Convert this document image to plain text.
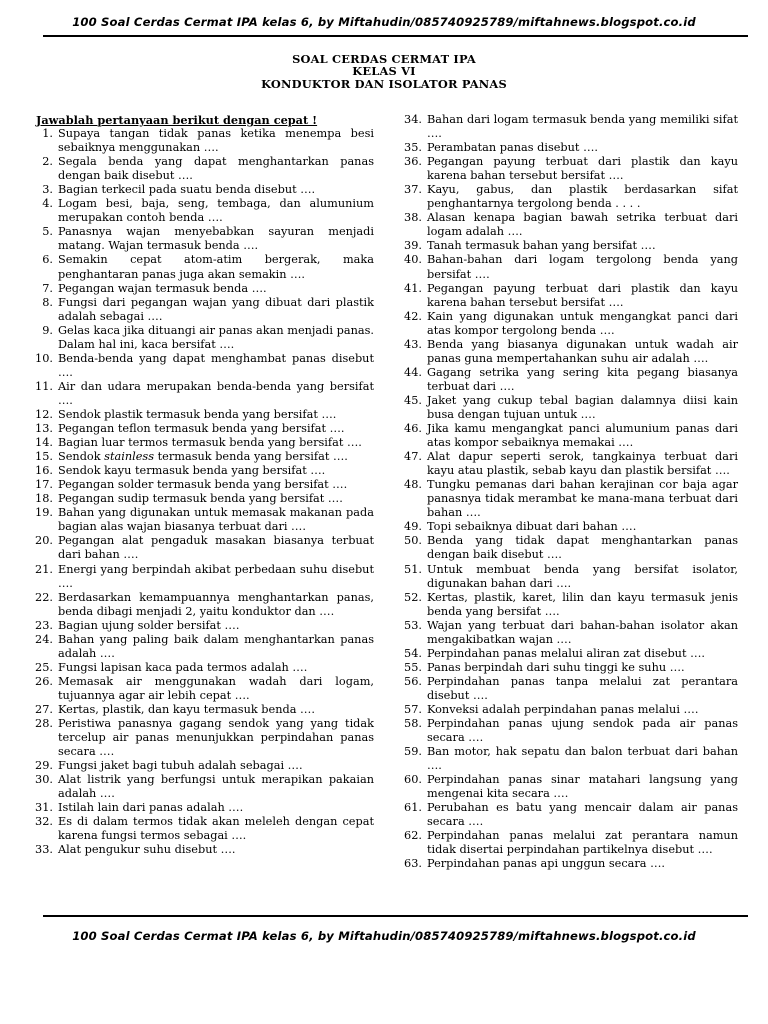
100 Soal Cerdas Cermat IPA kelas 6, by Miftahudin/085740925789/miftahnews.blogspot.co.id
SOAL CERDAS CERMAT IPA
KELAS VI
KONDUKTOR DAN ISOLATOR PANAS
Jawablah pertanyaan berikut dengan cepat !
1. Supaya tangan tidak panas ketika menempa besi sebaiknya menggunakan ….
2. Segala benda yang dapat menghantarkan panas dengan baik disebut ….
3. Bagian terkecil pada suatu benda disebut ….
4. Logam besi, baja, seng, tembaga, dan alumunium merupakan contoh benda ….
5. Panasnya wajan menyebabkan sayuran menjadi matang. Wajan termasuk benda ….
6. Semakin cepat atom-atim bergerak, maka penghantaran panas juga akan semakin ….
7. Pegangan wajan termasuk benda ….
8. Fungsi dari pegangan wajan yang dibuat dari plastik adalah sebagai ….
9. Gelas kaca jika dituangi air panas akan menjadi panas. Dalam hal ini, kaca bersifat ….
10. Benda-benda yang dapat menghambat panas disebut ….
11. Air dan udara merupakan benda-benda yang bersifat ….
12. Sendok plastik termasuk benda yang bersifat ….
13. Pegangan teflon termasuk benda yang bersifat ….
14. Bagian luar termos termasuk benda yang bersifat ….
15. Sendok stainless termasuk benda yang bersifat ….
16. Sendok kayu termasuk benda yang bersifat ….
17. Pegangan solder termasuk benda yang bersifat ….
18. Pegangan sudip termasuk benda yang bersifat ….
19. Bahan yang digunakan untuk memasak makanan pada bagian alas wajan biasanya terbuat dari ….
20. Pegangan alat pengaduk masakan biasanya terbuat dari bahan ….
21. Energi yang berpindah akibat perbedaan suhu disebut ….
22. Berdasarkan kemampuannya menghantarkan panas, benda dibagi menjadi 2, yaitu konduktor dan ….
23. Bagian ujung solder bersifat ….
24. Bahan yang paling baik dalam menghantarkan panas adalah ….
25. Fungsi lapisan kaca pada termos adalah ….
26. Memasak air menggunakan wadah dari logam, tujuannya agar air lebih cepat ….
27. Kertas, plastik, dan kayu termasuk benda ….
28. Peristiwa panasnya gagang sendok yang yang tidak tercelup air panas menunjukkan perpindahan panas secara ….
29. Fungsi jaket bagi tubuh adalah sebagai ….
30. Alat listrik yang berfungsi untuk merapikan pakaian adalah ….
31. Istilah lain dari panas adalah ….
32. Es di dalam termos tidak akan meleleh dengan cepat karena fungsi termos sebagai ….
33. Alat pengukur suhu disebut ….
34. Bahan dari logam termasuk benda yang memiliki sifat ….
35. Perambatan panas disebut ….
36. Pegangan payung terbuat dari plastik dan kayu karena bahan tersebut bersifat ….
37. Kayu, gabus, dan plastik berdasarkan sifat penghantarnya tergolong benda . . . .
38. Alasan kenapa bagian bawah setrika terbuat dari logam adalah ….
39. Tanah termasuk bahan yang bersifat ….
40. Bahan-bahan dari logam tergolong benda yang bersifat ….
41. Pegangan payung terbuat dari plastik dan kayu karena bahan tersebut bersifat ….
42. Kain yang digunakan untuk mengangkat panci dari atas kompor tergolong benda ….
43. Benda yang biasanya digunakan untuk wadah air panas guna mempertahankan suhu air adalah ….
44. Gagang setrika yang sering kita pegang biasanya terbuat dari ….
45. Jaket yang cukup tebal bagian dalamnya diisi kain busa dengan tujuan untuk ….
46. Jika kamu mengangkat panci alumunium panas dari atas kompor sebaiknya memakai ….
47. Alat dapur seperti serok, tangkainya terbuat dari kayu atau plastik, sebab kayu dan plastik bersifat ….
48. Tungku pemanas dari bahan kerajinan cor baja agar panasnya tidak merambat ke mana-mana terbuat dari bahan ….
49. Topi sebaiknya dibuat dari bahan ….
50. Benda yang tidak dapat menghantarkan panas dengan baik disebut ….
51. Untuk membuat benda yang bersifat isolator, digunakan bahan dari ….
52. Kertas, plastik, karet, lilin dan kayu termasuk jenis benda yang bersifat ….
53. Wajan yang terbuat dari bahan-bahan isolator akan mengakibatkan wajan ….
54. Perpindahan panas melalui aliran zat disebut ….
55. Panas berpindah dari suhu tinggi ke suhu ….
56. Perpindahan panas tanpa melalui zat perantara disebut ….
57. Konveksi adalah perpindahan panas melalui ….
58. Perpindahan panas ujung sendok pada air panas secara ….
59. Ban motor, hak sepatu dan balon terbuat dari bahan ….
60. Perpindahan panas sinar matahari langsung yang mengenai kita secara ….
61. Perubahan es batu yang mencair dalam air panas secara ….
62. Perpindahan panas melalui zat perantara namun tidak disertai perpindahan partikelnya disebut ….
63. Perpindahan panas api unggun secara ….
100 Soal Cerdas Cermat IPA kelas 6, by Miftahudin/085740925789/miftahnews.blogspot.co.id
